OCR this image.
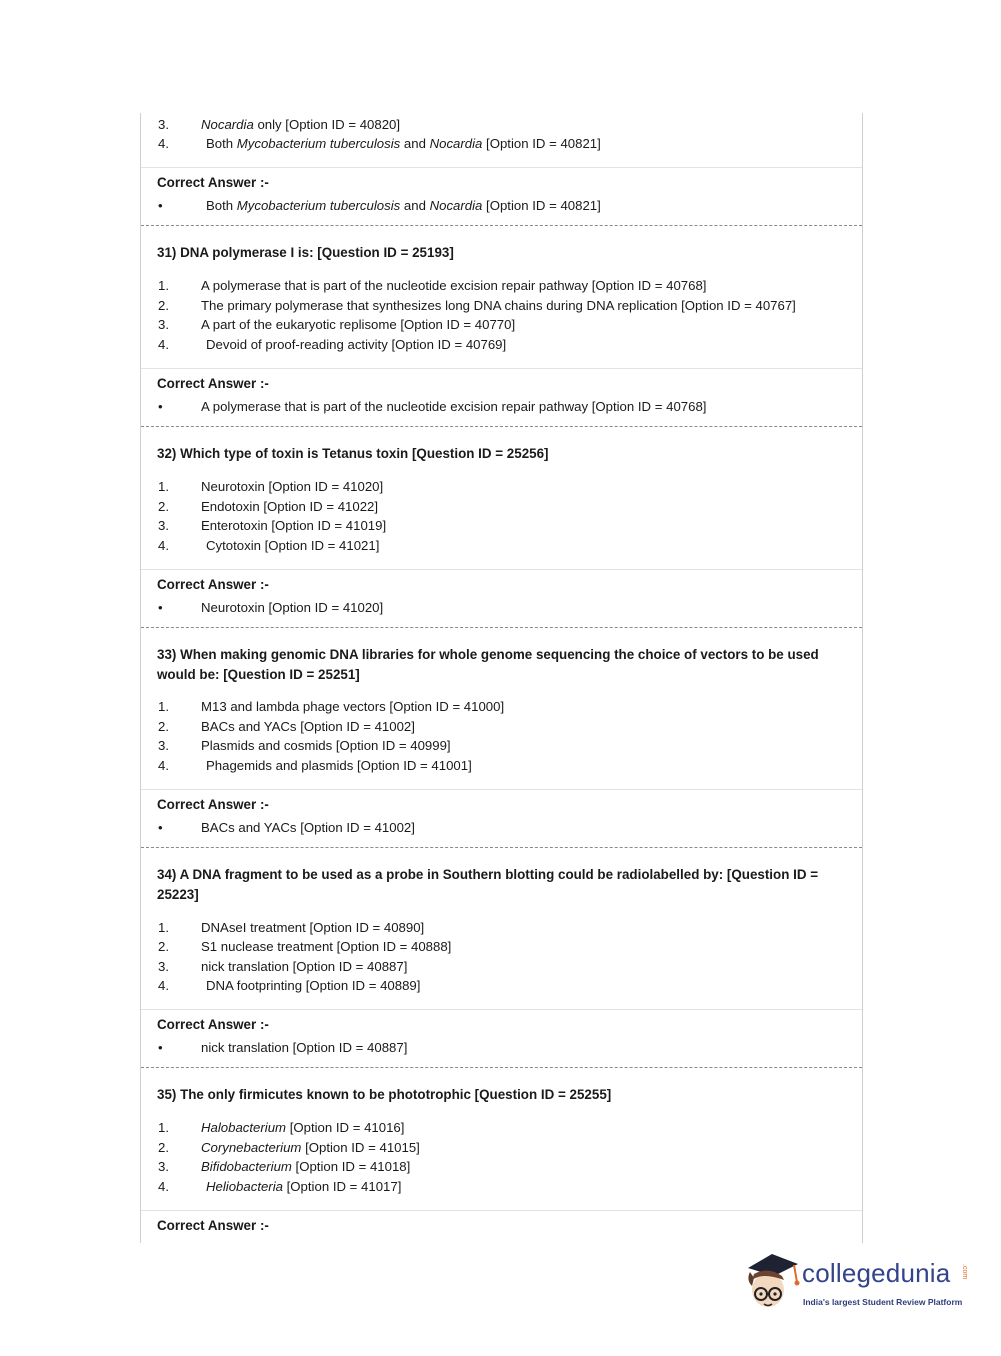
3. Nocardia only [Option ID = 40820]
4.	Both Mycobacterium tuberculosis and Nocardia [Option ID = 40821]
Correct Answer :-
•	Both Mycobacterium tuberculosis and Nocardia [Option ID = 40821]
31) DNA polymerase I is: [Question ID = 25193]
1. A polymerase that is part of the nucleotide excision repair pathway [Option ID = 40768]
2. The primary polymerase that synthesizes long DNA chains during DNA replication [Option ID = 40767]
3. A part of the eukaryotic replisome [Option ID = 40770]
4.	Devoid of proof-reading activity [Option ID = 40769]
Correct Answer :-
•	A polymerase that is part of the nucleotide excision repair pathway [Option ID = 40768]
32) Which type of toxin is Tetanus toxin [Question ID = 25256]
1. Neurotoxin [Option ID = 41020]
2. Endotoxin [Option ID = 41022]
3. Enterotoxin [Option ID = 41019]
4.	Cytotoxin [Option ID = 41021]
Correct Answer :-
•	Neurotoxin [Option ID = 41020]
33) When making genomic DNA libraries for whole genome sequencing the choice of vectors to be used would be: [Question ID = 25251]
1. M13 and lambda phage vectors [Option ID = 41000]
2. BACs and YACs [Option ID = 41002]
3. Plasmids and cosmids [Option ID = 40999]
4.	Phagemids and plasmids [Option ID = 41001]
Correct Answer :-
•	BACs and YACs [Option ID = 41002]
34) A DNA fragment to be used as a probe in Southern blotting could be radiolabelled by: [Question ID = 25223]
1. DNAseI treatment [Option ID = 40890]
2. S1 nuclease treatment [Option ID = 40888]
3. nick translation [Option ID = 40887]
4.	DNA footprinting [Option ID = 40889]
Correct Answer :-
•	nick translation [Option ID = 40887]
35) The only firmicutes known to be phototrophic [Question ID = 25255]
1. Halobacterium [Option ID = 41016]
2. Corynebacterium [Option ID = 41015]
3. Bifidobacterium [Option ID = 41018]
4.	Heliobacteria [Option ID = 41017]
Correct Answer :-
collegedunia .com
India's largest Student Review Platform
